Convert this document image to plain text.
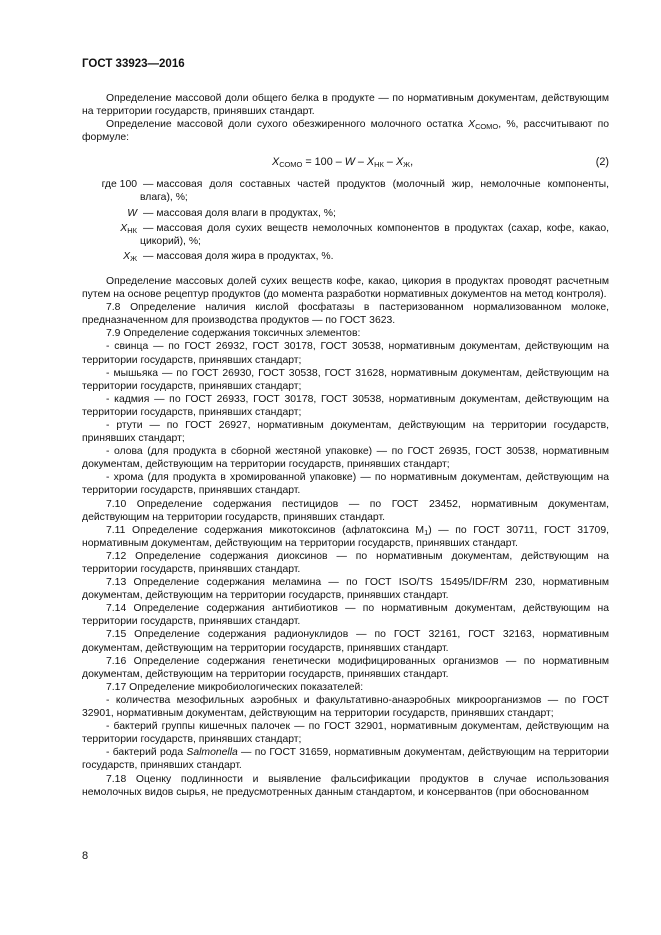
ГОСТ 33923—2016

Определение массовой доли общего белка в продукте — по нормативным документам, действующим на территории государств, принявших стандарт.

Определение массовой доли сухого обезжиренного молочного остатка $X_{СОМО}$, %, рассчитывают по формуле:

$X_{СОМО} = 100 - W - X_{НК} - X_Ж$,	(2)
где 100 — массовая доля составных частей продуктов (молочный жир, немолочные компоненты, влага), %;
W — массовая доля влаги в продуктах, %;
$X_{НК}$ — массовая доля сухих веществ немолочных компонентов в продуктах (сахар, кофе, какао, цикорий), %;
$X_Ж$ — массовая доля жира в продуктах, %.

Определение массовых долей сухих веществ кофе, какао, цикория в продуктах проводят расчетным путем на основе рецептур продуктов (до момента разработки нормативных документов на метод контроля).

7.8 Определение наличия кислой фосфатазы в пастеризованном нормализованном молоке, предназначенном для производства продуктов — по ГОСТ 3623.

7.9 Определение содержания токсичных элементов:

- свинца — по ГОСТ 26932, ГОСТ 30178, ГОСТ 30538, нормативным документам, действующим на территории государств, принявших стандарт;

- мышьяка — по ГОСТ 26930, ГОСТ 30538, ГОСТ 31628, нормативным документам, действующим на территории государств, принявших стандарт;

- кадмия — по ГОСТ 26933, ГОСТ 30178, ГОСТ 30538, нормативным документам, действующим на территории государств, принявших стандарт;

- ртути — по ГОСТ 26927, нормативным документам, действующим на территории государств, принявших стандарт;

- олова (для продукта в сборной жестяной упаковке) — по ГОСТ 26935, ГОСТ 30538, нормативным документам, действующим на территории государств, принявших стандарт;

- хрома (для продукта в хромированной упаковке) — по нормативным документам, действующим на территории государств, принявших стандарт.

7.10 Определение содержания пестицидов — по ГОСТ 23452, нормативным документам, действующим на территории государств, принявших стандарт.

7.11 Определение содержания микотоксинов (афлатоксина $M_1$) — по ГОСТ 30711, ГОСТ 31709, нормативным документам, действующим на территории государств, принявших стандарт.

7.12 Определение содержания диоксинов — по нормативным документам, действующим на территории государств, принявших стандарт.

7.13 Определение содержания меламина — по ГОСТ ISO/TS 15495/IDF/RM 230, нормативным документам, действующим на территории государств, принявших стандарт.

7.14 Определение содержания антибиотиков — по нормативным документам, действующим на территории государств, принявших стандарт.

7.15 Определение содержания радионуклидов — по ГОСТ 32161, ГОСТ 32163, нормативным документам, действующим на территории государств, принявших стандарт.

7.16 Определение содержания генетически модифицированных организмов — по нормативным документам, действующим на территории государств, принявших стандарт.

7.17 Определение микробиологических показателей:

- количества мезофильных аэробных и факультативно-анаэробных микроорганизмов — по ГОСТ 32901, нормативным документам, действующим на территории государств, принявших стандарт;

- бактерий группы кишечных палочек — по ГОСТ 32901, нормативным документам, действующим на территории государств, принявших стандарт;

- бактерий рода Salmonella — по ГОСТ 31659, нормативным документам, действующим на территории государств, принявших стандарт.

7.18 Оценку подлинности и выявление фальсификации продуктов в случае использования немолочных видов сырья, не предусмотренных данным стандартом, и консервантов (при обоснованном

8
